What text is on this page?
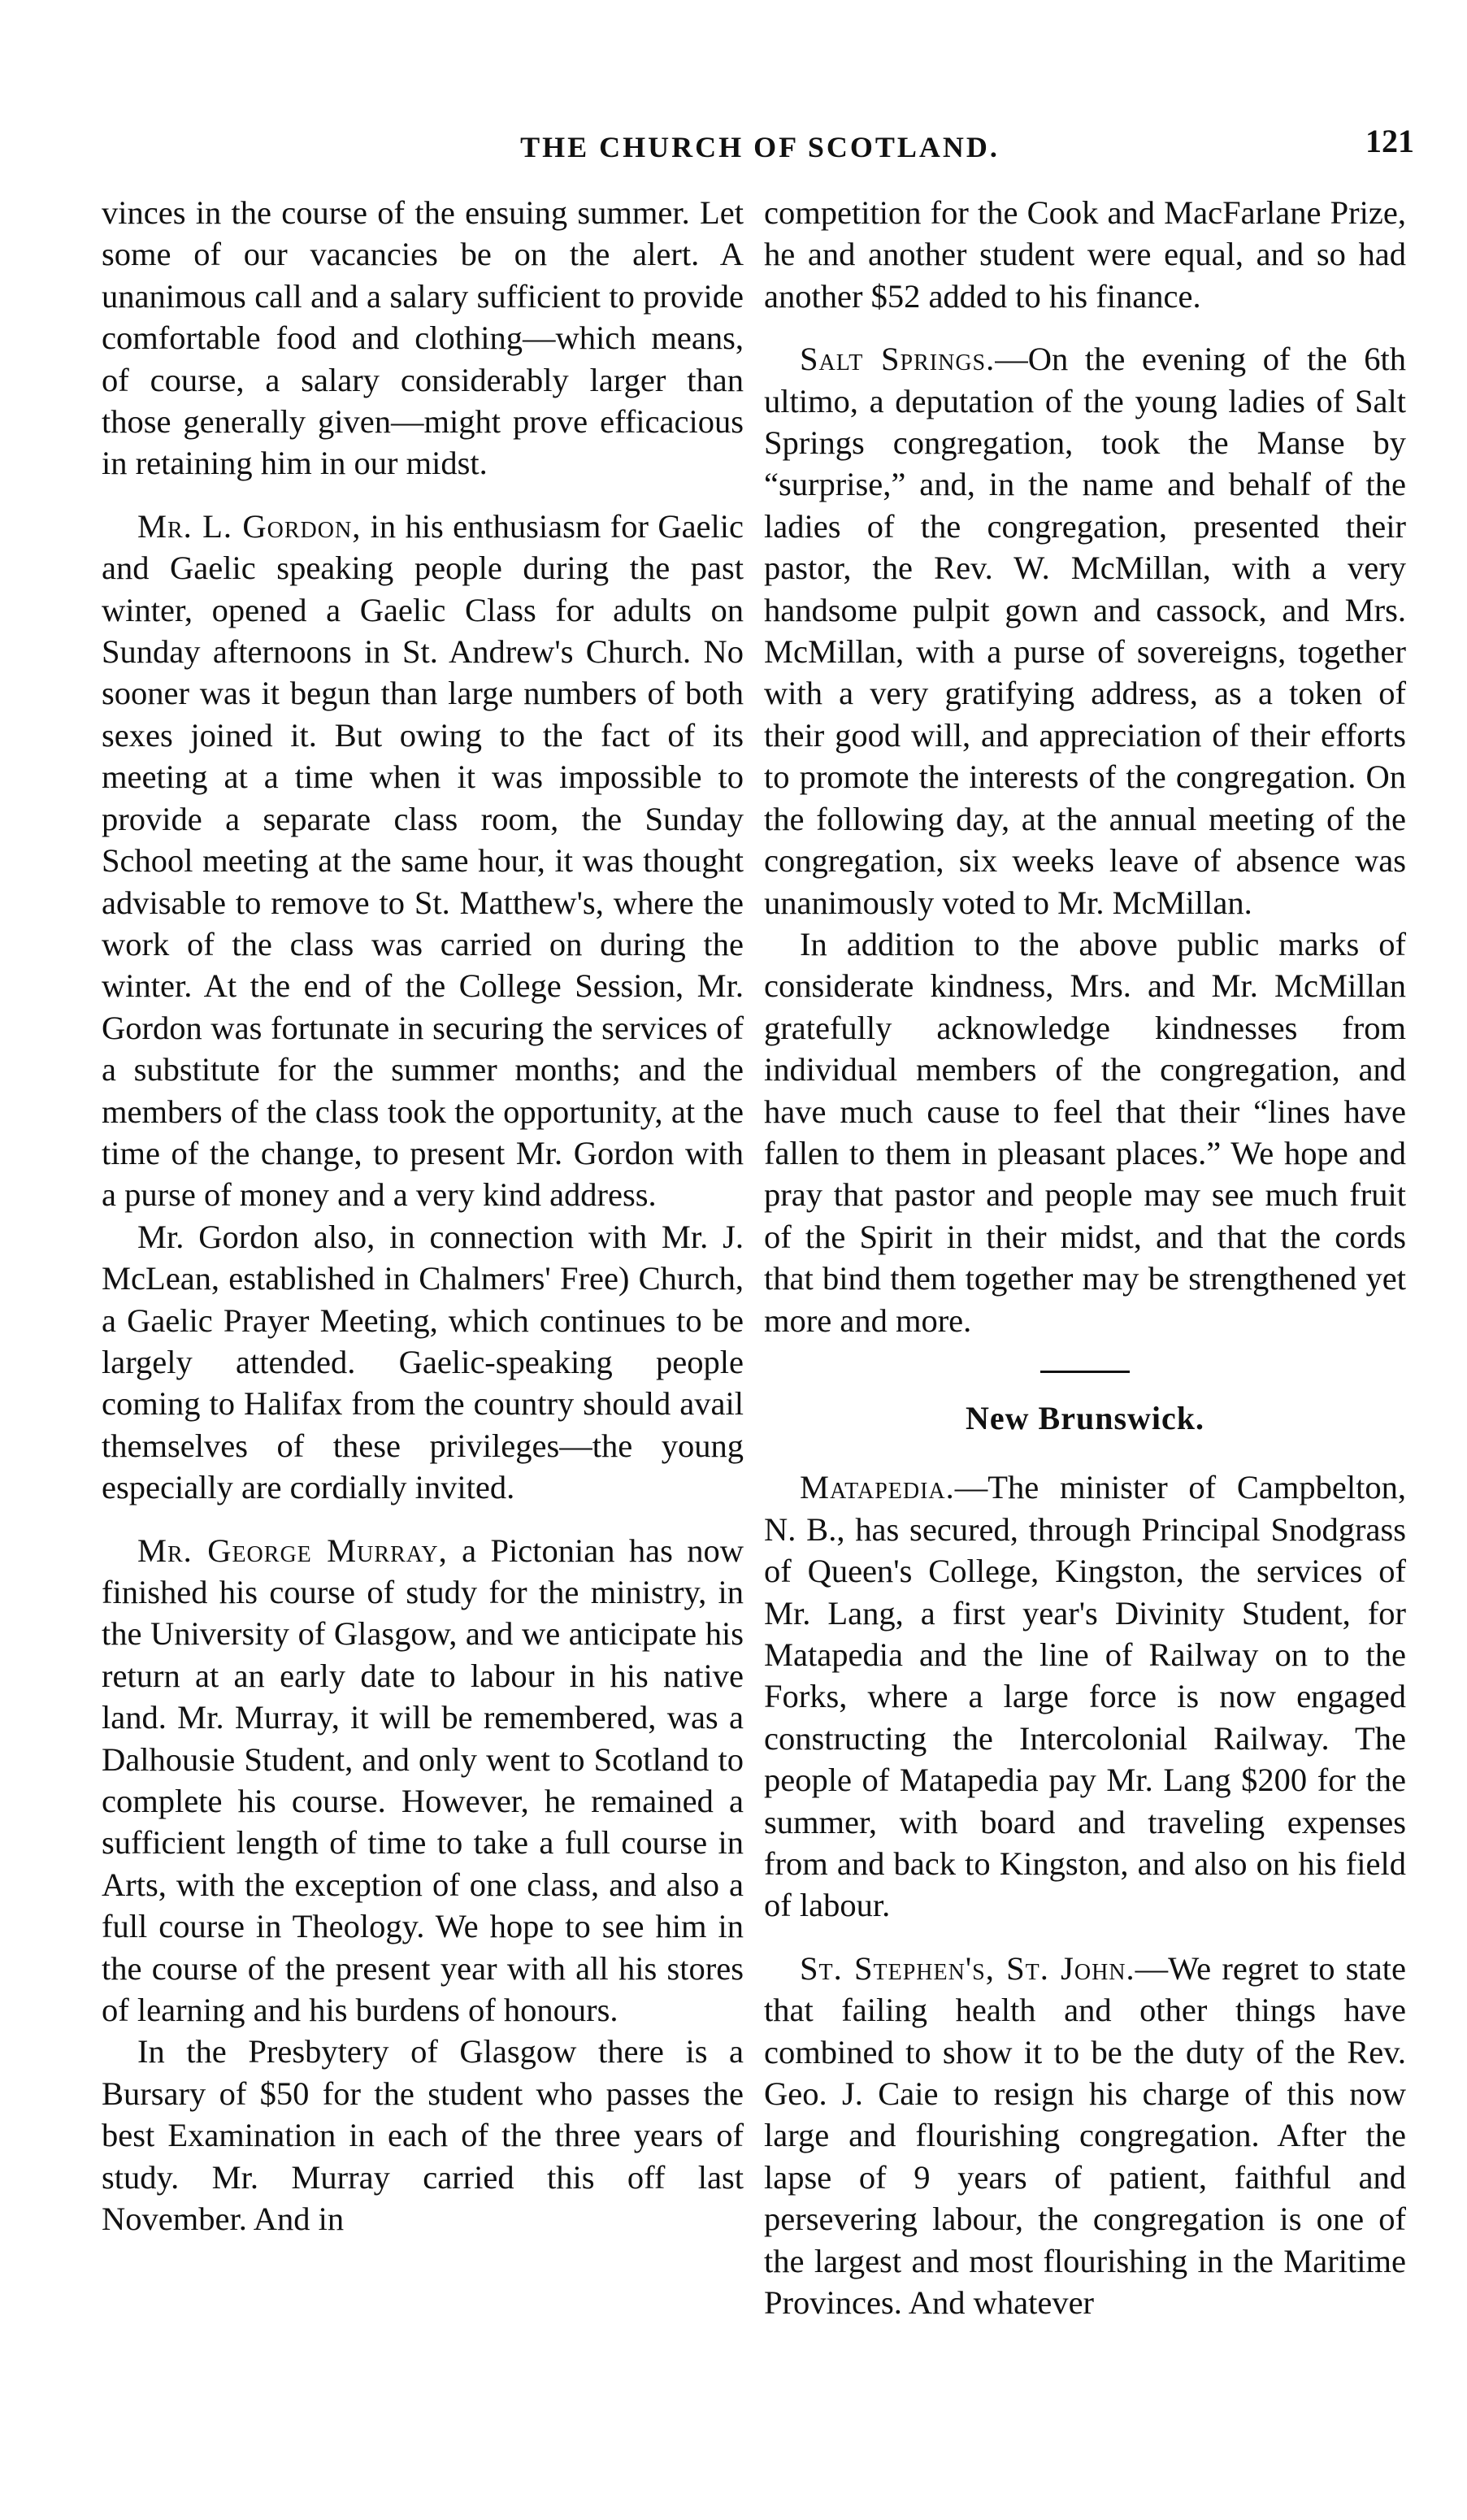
THE CHURCH OF SCOTLAND.	121

vinces in the course of the ensuing summer. Let some of our vacancies be on the alert. A unanimous call and a salary sufficient to provide comfortable food and clothing—which means, of course, a salary considerably larger than those generally given—might prove efficacious in retaining him in our midst.

Mr. L. Gordon, in his enthusiasm for Gaelic and Gaelic speaking people during the past winter, opened a Gaelic Class for adults on Sunday afternoons in St. Andrew's Church. No sooner was it begun than large numbers of both sexes joined it. But owing to the fact of its meeting at a time when it was impossible to provide a separate class room, the Sunday School meeting at the same hour, it was thought advisable to remove to St. Matthew's, where the work of the class was carried on during the winter. At the end of the College Session, Mr. Gordon was fortunate in securing the services of a substitute for the summer months; and the members of the class took the opportunity, at the time of the change, to present Mr. Gordon with a purse of money and a very kind address.

Mr. Gordon also, in connection with Mr. J. McLean, established in Chalmers' Free) Church, a Gaelic Prayer Meeting, which continues to be largely attended. Gaelic-speaking people coming to Halifax from the country should avail themselves of these privileges—the young especially are cordially invited.

Mr. George Murray, a Pictonian has now finished his course of study for the ministry, in the University of Glasgow, and we anticipate his return at an early date to labour in his native land. Mr. Murray, it will be remembered, was a Dalhousie Student, and only went to Scotland to complete his course. However, he remained a sufficient length of time to take a full course in Arts, with the exception of one class, and also a full course in Theology. We hope to see him in the course of the present year with all his stores of learning and his burdens of honours.

In the Presbytery of Glasgow there is a Bursary of $50 for the student who passes the best Examination in each of the three years of study. Mr. Murray carried this off last November. And in

competition for the Cook and MacFarlane Prize, he and another student were equal, and so had another $52 added to his finance.

Salt Springs.—On the evening of the 6th ultimo, a deputation of the young ladies of Salt Springs congregation, took the Manse by “surprise,” and, in the name and behalf of the ladies of the congregation, presented their pastor, the Rev. W. McMillan, with a very handsome pulpit gown and cassock, and Mrs. McMillan, with a purse of sovereigns, together with a very gratifying address, as a token of their good will, and appreciation of their efforts to promote the interests of the congregation. On the following day, at the annual meeting of the congregation, six weeks leave of absence was unanimously voted to Mr. McMillan.

In addition to the above public marks of considerate kindness, Mrs. and Mr. McMillan gratefully acknowledge kindnesses from individual members of the congregation, and have much cause to feel that their “lines have fallen to them in pleasant places.” We hope and pray that pastor and people may see much fruit of the Spirit in their midst, and that the cords that bind them together may be strengthened yet more and more.

New Brunswick.

Matapedia.—The minister of Campbelton, N. B., has secured, through Principal Snodgrass of Queen's College, Kingston, the services of Mr. Lang, a first year's Divinity Student, for Matapedia and the line of Railway on to the Forks, where a large force is now engaged constructing the Intercolonial Railway. The people of Matapedia pay Mr. Lang $200 for the summer, with board and traveling expenses from and back to Kingston, and also on his field of labour.

St. Stephen's, St. John.—We regret to state that failing health and other things have combined to show it to be the duty of the Rev. Geo. J. Caie to resign his charge of this now large and flourishing congregation. After the lapse of 9 years of patient, faithful and persevering labour, the congregation is one of the largest and most flourishing in the Maritime Provinces. And whatever
